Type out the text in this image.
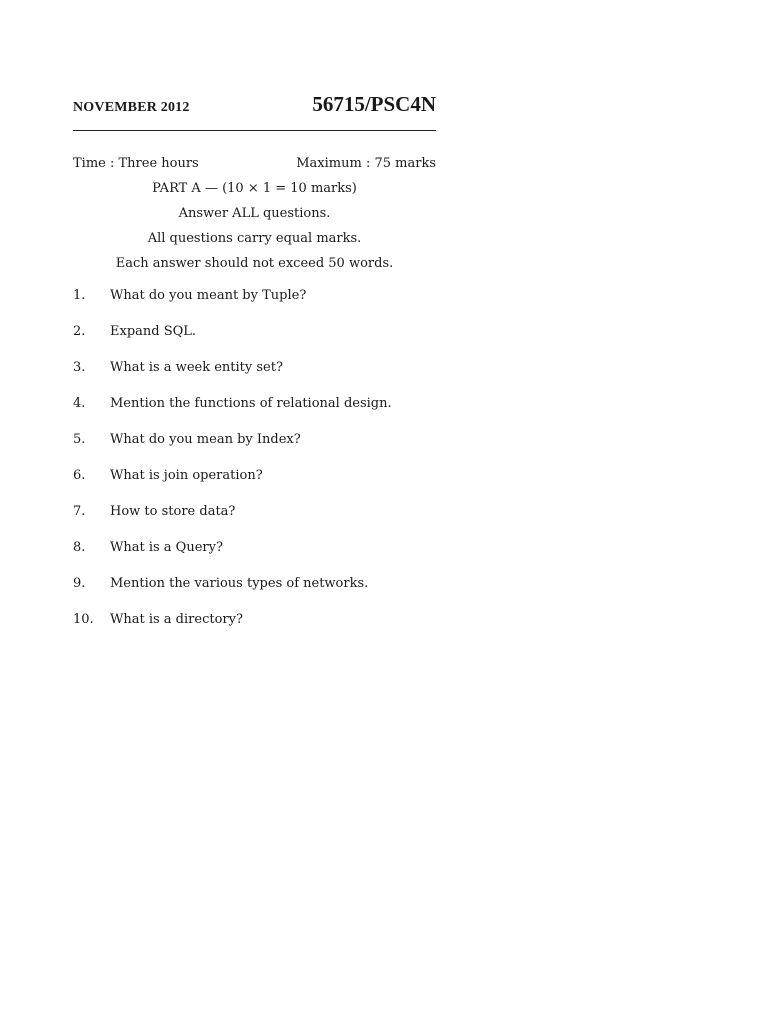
NOVEMBER 2012	56715/PSC4N
Time : Three hours	Maximum : 75 marks
PART A — (10 × 1 = 10 marks)
Answer ALL questions.
All questions carry equal marks.
Each answer should not exceed 50 words.
1.	What do you meant by Tuple?
2.	Expand SQL.
3.	What is a week entity set?
4.	Mention the functions of relational design.
5.	What do you mean by Index?
6.	What is join operation?
7.	How to store data?
8.	What is a Query?
9.	Mention the various types of networks.
10.	What is a directory?
